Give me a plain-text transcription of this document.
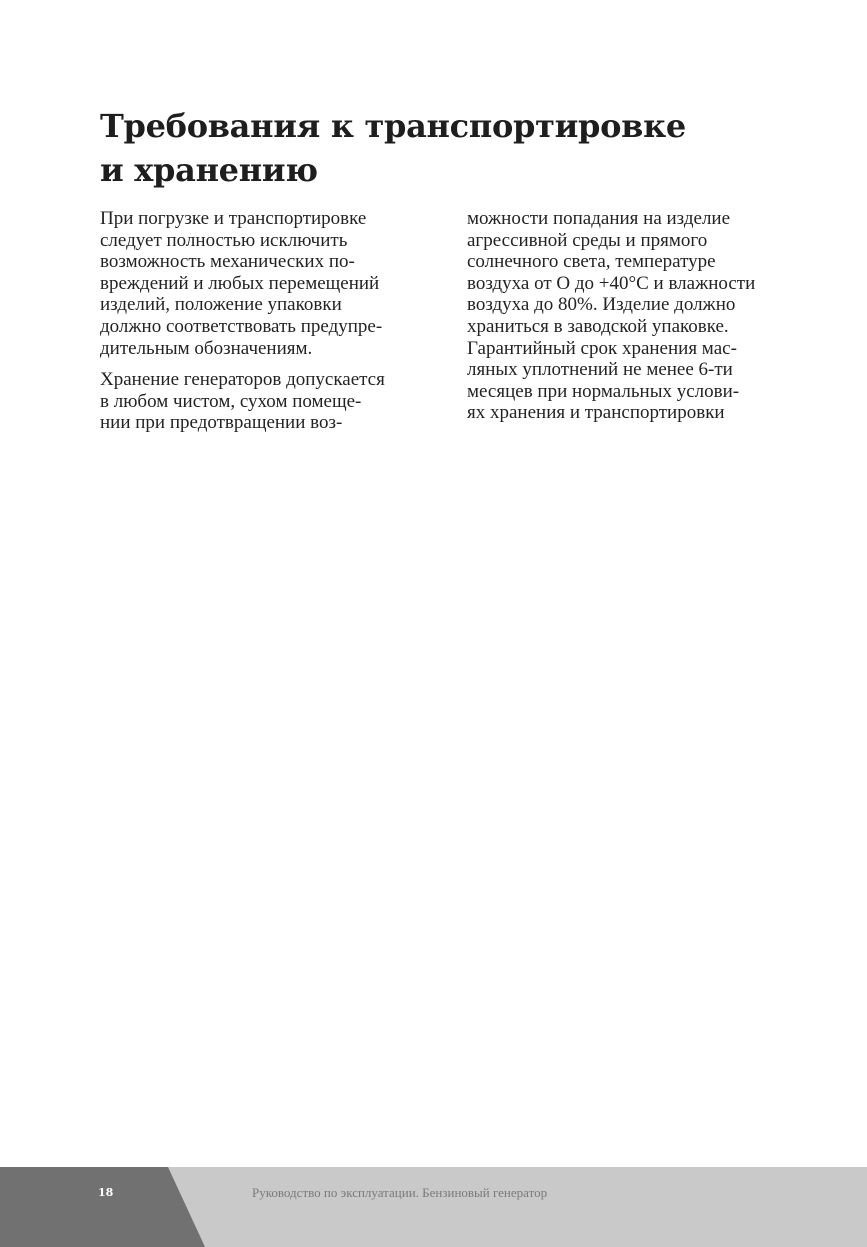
Требования к транспортировке
и хранению

При погрузке и транспортировке
следует полностью исключить
возможность механических по-
вреждений и любых перемещений
изделий, положение упаковки
должно соответствовать предупре-
дительным обозначениям.

Хранение генераторов допускается
в любом чистом, сухом помеще-
нии при предотвращении воз-

можности попадания на изделие
агрессивной среды и прямого
солнечного света, температуре
воздуха от О до +40°С и влажности
воздуха до 80%. Изделие должно
храниться в заводской упаковке.
Гарантийный срок хранения мас-
ляных уплотнений не менее 6-ти
месяцев при нормальных услови-
ях хранения и транспортировки

18	Руководство по эксплуатации. Бензиновый генератор
